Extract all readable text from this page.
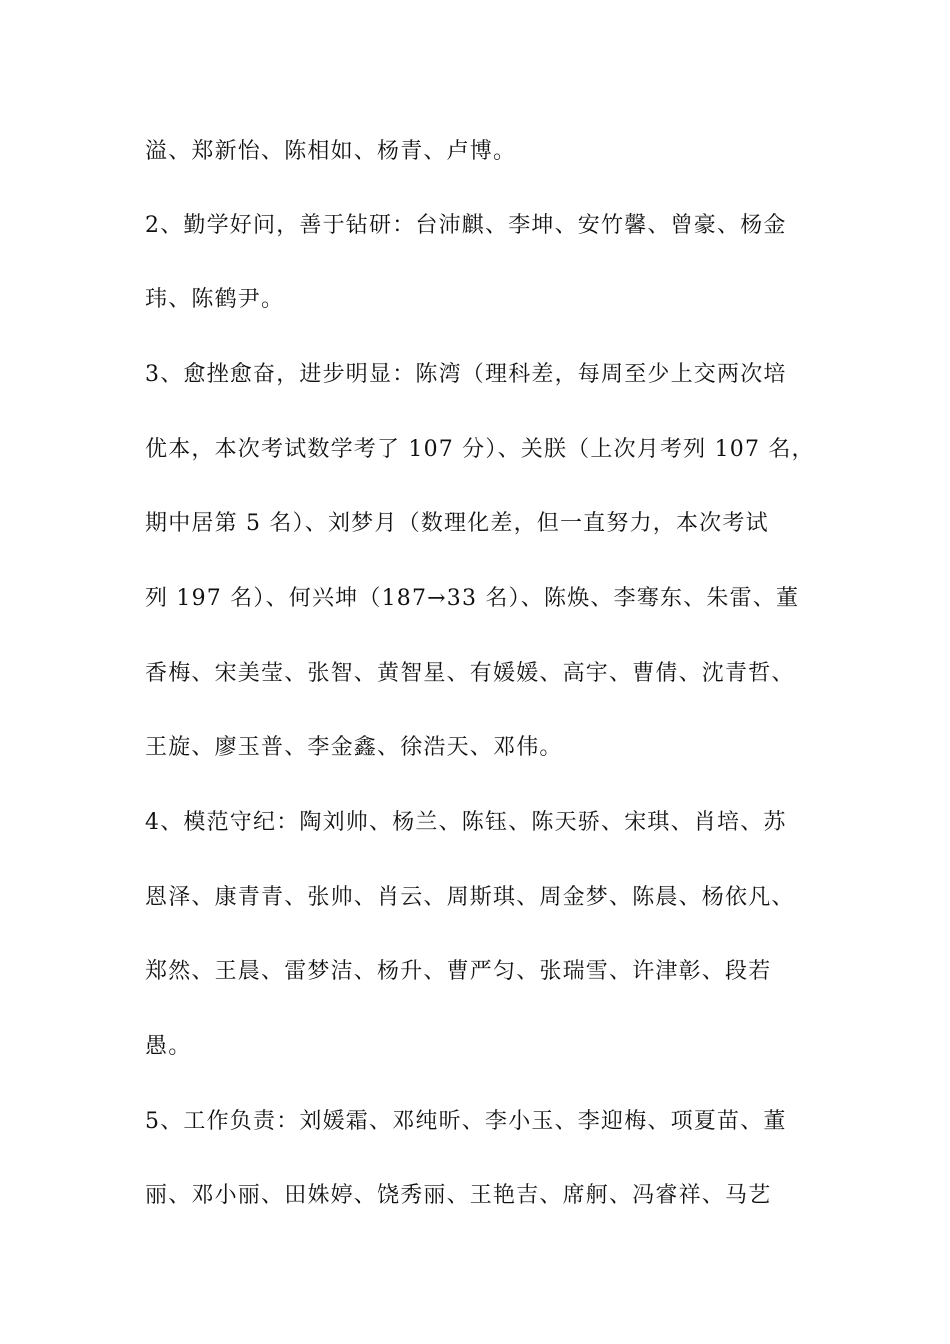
溢、郑新怡、陈相如、杨青、卢博。
2、勤学好问，善于钻研：台沛麒、李坤、安竹馨、曾豪、杨金
玮、陈鹤尹。
3、愈挫愈奋，进步明显：陈湾（理科差，每周至少上交两次培
优本，本次考试数学考了 107 分）、关朕（上次月考列 107 名，
期中居第 5 名）、刘梦月（数理化差，但一直努力，本次考试
列 197 名）、何兴坤（187→33 名）、陈焕、李骞东、朱雷、董
香梅、宋美莹、张智、黄智星、有媛媛、高宇、曹倩、沈青哲、
王旋、廖玉普、李金鑫、徐浩天、邓伟。
4、模范守纪：陶刘帅、杨兰、陈钰、陈天骄、宋琪、肖培、苏
恩泽、康青青、张帅、肖云、周斯琪、周金梦、陈晨、杨依凡、
郑然、王晨、雷梦洁、杨升、曹严匀、张瑞雪、许津彰、段若
愚。
5、工作负责：刘媛霜、邓纯昕、李小玉、李迎梅、项夏苗、董
丽、邓小丽、田姝婷、饶秀丽、王艳吉、席舸、冯睿祥、马艺
